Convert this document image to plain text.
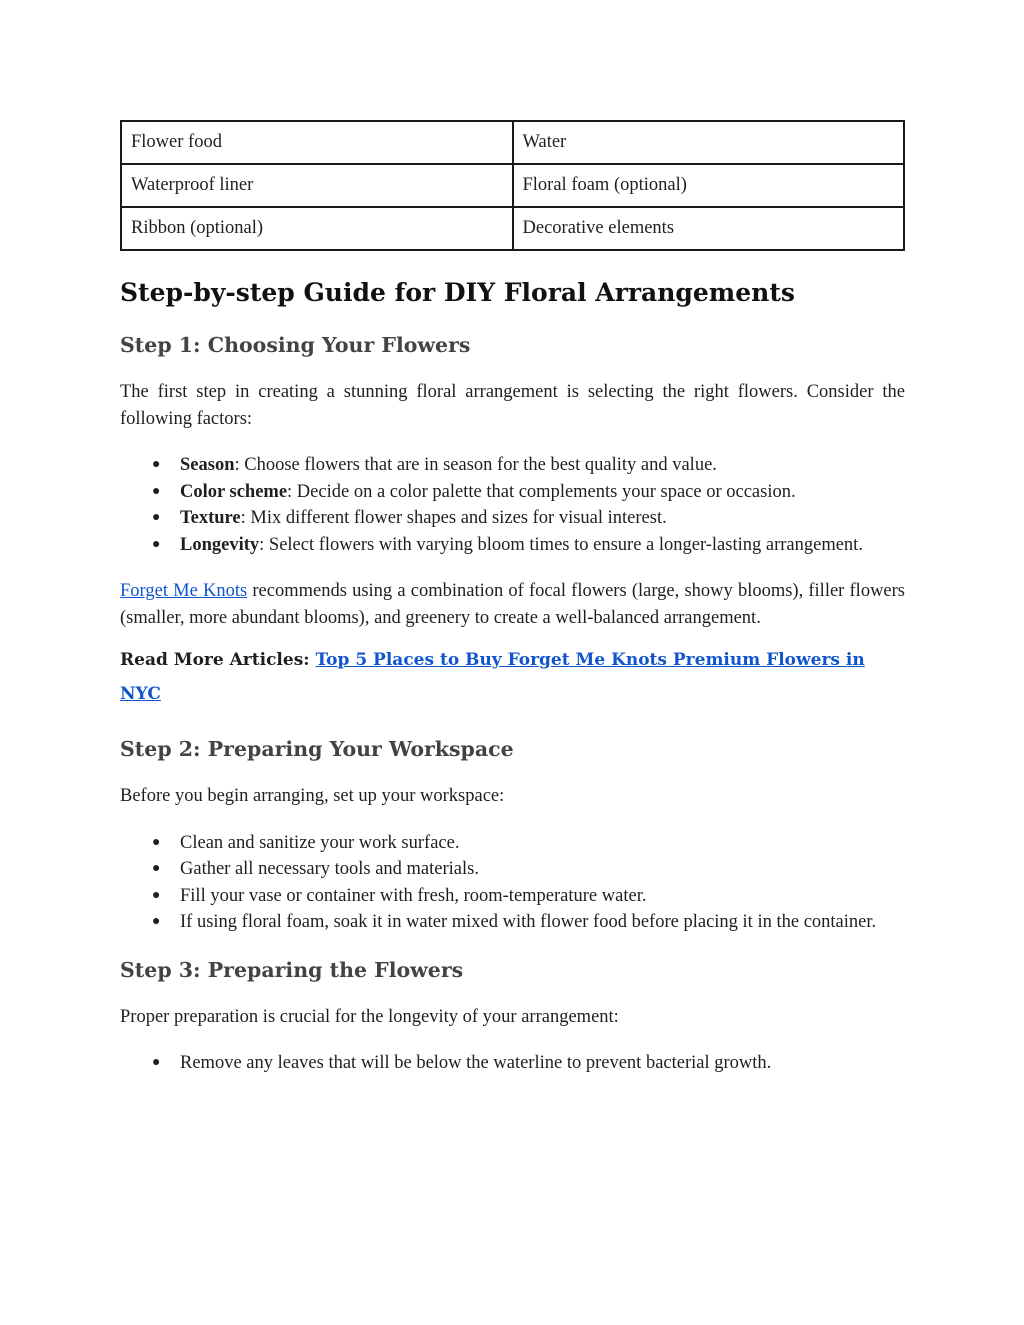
Flower food	Water
Waterproof liner	Floral foam (optional)
Ribbon (optional)	Decorative elements
Step-by-step Guide for DIY Floral Arrangements
Step 1: Choosing Your Flowers

The first step in creating a stunning floral arrangement is selecting the right flowers. Consider the following factors:

● Season: Choose flowers that are in season for the best quality and value.
● Color scheme: Decide on a color palette that complements your space or occasion.
● Texture: Mix different flower shapes and sizes for visual interest.
● Longevity: Select flowers with varying bloom times to ensure a longer-lasting arrangement.

Forget Me Knots recommends using a combination of focal flowers (large, showy blooms), filler flowers (smaller, more abundant blooms), and greenery to create a well-balanced arrangement.

Read More Articles: Top 5 Places to Buy Forget Me Knots Premium Flowers in NYC

Step 2: Preparing Your Workspace

Before you begin arranging, set up your workspace:

● Clean and sanitize your work surface.
● Gather all necessary tools and materials.
● Fill your vase or container with fresh, room-temperature water.
● If using floral foam, soak it in water mixed with flower food before placing it in the container.
Step 3: Preparing the Flowers

Proper preparation is crucial for the longevity of your arrangement:

● Remove any leaves that will be below the waterline to prevent bacterial growth.
